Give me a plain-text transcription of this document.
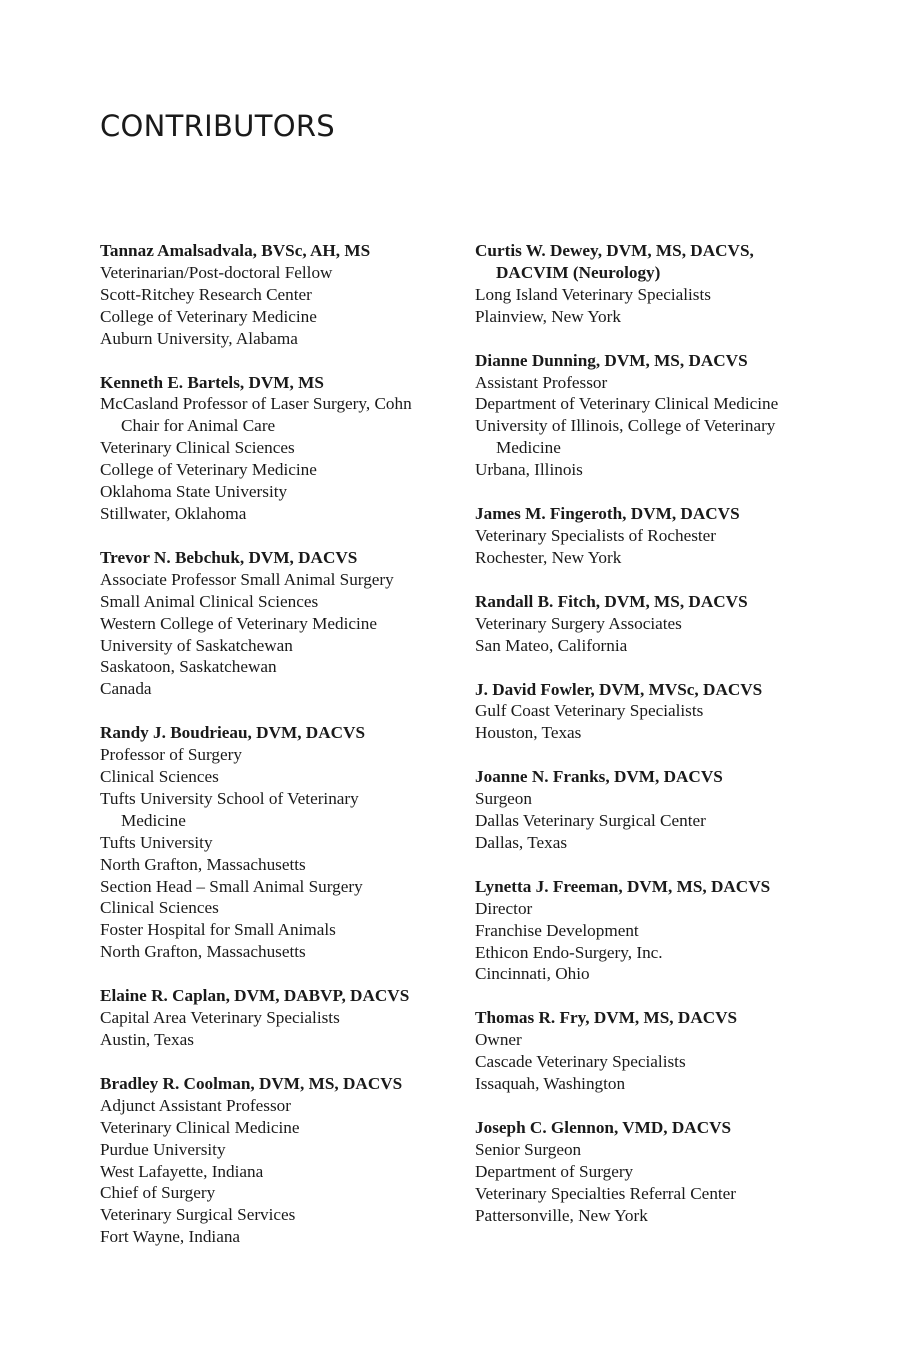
CONTRIBUTORS
Tannaz Amalsadvala, BVSc, AH, MS
Veterinarian/Post-doctoral Fellow
Scott-Ritchey Research Center
College of Veterinary Medicine
Auburn University, Alabama
Kenneth E. Bartels, DVM, MS
McCasland Professor of Laser Surgery, Cohn
Chair for Animal Care
Veterinary Clinical Sciences
College of Veterinary Medicine
Oklahoma State University
Stillwater, Oklahoma
Trevor N. Bebchuk, DVM, DACVS
Associate Professor Small Animal Surgery
Small Animal Clinical Sciences
Western College of Veterinary Medicine
University of Saskatchewan
Saskatoon, Saskatchewan
Canada
Randy J. Boudrieau, DVM, DACVS
Professor of Surgery
Clinical Sciences
Tufts University School of Veterinary
Medicine
Tufts University
North Grafton, Massachusetts
Section Head – Small Animal Surgery
Clinical Sciences
Foster Hospital for Small Animals
North Grafton, Massachusetts
Elaine R. Caplan, DVM, DABVP, DACVS
Capital Area Veterinary Specialists
Austin, Texas
Bradley R. Coolman, DVM, MS, DACVS
Adjunct Assistant Professor
Veterinary Clinical Medicine
Purdue University
West Lafayette, Indiana
Chief of Surgery
Veterinary Surgical Services
Fort Wayne, Indiana
Curtis W. Dewey, DVM, MS, DACVS,
DACVIM (Neurology)
Long Island Veterinary Specialists
Plainview, New York
Dianne Dunning, DVM, MS, DACVS
Assistant Professor
Department of Veterinary Clinical Medicine
University of Illinois, College of Veterinary
Medicine
Urbana, Illinois
James M. Fingeroth, DVM, DACVS
Veterinary Specialists of Rochester
Rochester, New York
Randall B. Fitch, DVM, MS, DACVS
Veterinary Surgery Associates
San Mateo, California
J. David Fowler, DVM, MVSc, DACVS
Gulf Coast Veterinary Specialists
Houston, Texas
Joanne N. Franks, DVM, DACVS
Surgeon
Dallas Veterinary Surgical Center
Dallas, Texas
Lynetta J. Freeman, DVM, MS, DACVS
Director
Franchise Development
Ethicon Endo-Surgery, Inc.
Cincinnati, Ohio
Thomas R. Fry, DVM, MS, DACVS
Owner
Cascade Veterinary Specialists
Issaquah, Washington
Joseph C. Glennon, VMD, DACVS
Senior Surgeon
Department of Surgery
Veterinary Specialties Referral Center
Pattersonville, New York
